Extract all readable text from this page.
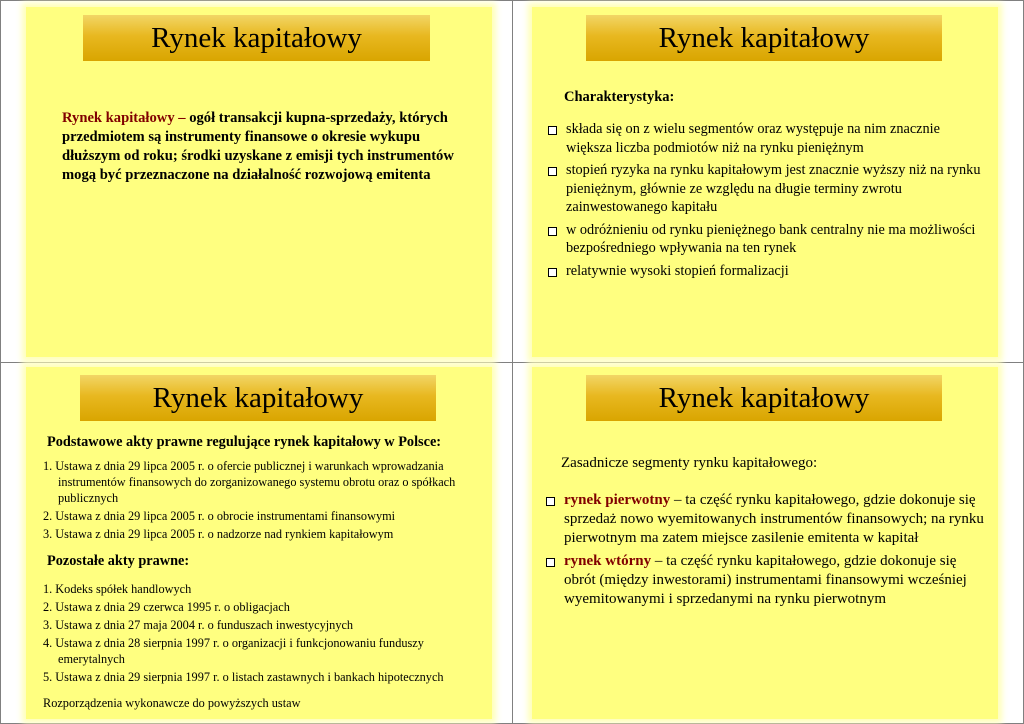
Rynek kapitałowy
Rynek kapitałowy – ogół transakcji kupna-sprzedaży, których przedmiotem są instrumenty finansowe o okresie wykupu dłuższym od roku; środki uzyskane z emisji tych instrumentów mogą być przeznaczone na działalność rozwojową emitenta
Rynek kapitałowy
Charakterystyka:
składa się on z wielu segmentów oraz występuje na nim znacznie większa liczba podmiotów niż na rynku pieniężnym
stopień ryzyka na rynku kapitałowym jest znacznie wyższy niż na rynku pieniężnym, głównie ze względu na długie terminy zwrotu zainwestowanego kapitału
w odróżnieniu od rynku pieniężnego bank centralny nie ma możliwości bezpośredniego wpływania na ten rynek
relatywnie wysoki stopień formalizacji
Rynek kapitałowy
Podstawowe akty prawne regulujące rynek kapitałowy w Polsce:
1. Ustawa z dnia 29 lipca 2005 r. o ofercie publicznej i warunkach wprowadzania instrumentów finansowych do zorganizowanego systemu obrotu oraz o spółkach publicznych
2. Ustawa z dnia 29 lipca 2005 r. o obrocie instrumentami finansowymi
3. Ustawa z dnia 29 lipca 2005 r. o nadzorze nad rynkiem kapitałowym
Pozostałe akty prawne:
1. Kodeks spółek handlowych
2. Ustawa z dnia 29 czerwca 1995 r. o obligacjach
3. Ustawa z dnia 27 maja 2004 r. o funduszach inwestycyjnych
4. Ustawa z dnia 28 sierpnia 1997 r. o organizacji i funkcjonowaniu funduszy emerytalnych
5. Ustawa z dnia 29 sierpnia 1997 r. o listach zastawnych i bankach hipotecznych
Rozporządzenia wykonawcze do powyższych ustaw
Rynek kapitałowy
Zasadnicze segmenty rynku kapitałowego:
rynek pierwotny – ta część rynku kapitałowego, gdzie dokonuje się sprzedaż nowo wyemitowanych instrumentów finansowych; na rynku pierwotnym ma zatem miejsce zasilenie emitenta w kapitał
rynek wtórny – ta część rynku kapitałowego, gdzie dokonuje się obrót (między inwestorami) instrumentami finansowymi wcześniej wyemitowanymi i sprzedanymi na rynku pierwotnym
